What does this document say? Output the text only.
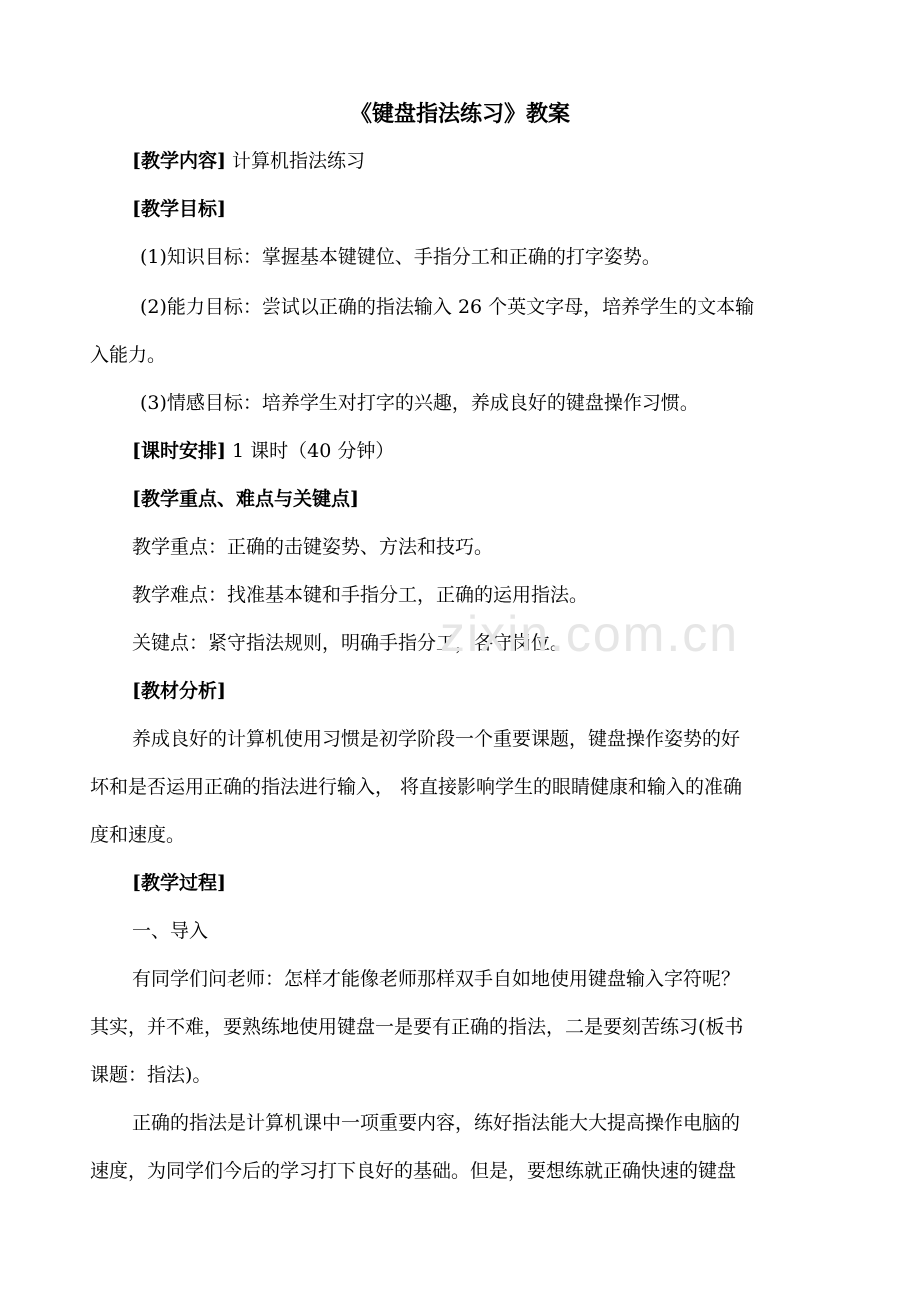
《键盘指法练习》教案
[教学内容] 计算机指法练习
[教学目标]
(1)知识目标：掌握基本键键位、手指分工和正确的打字姿势。
(2)能力目标：尝试以正确的指法输入 26 个英文字母，培养学生的文本输
入能力。
(3)情感目标：培养学生对打字的兴趣，养成良好的键盘操作习惯。
[课时安排] 1 课时（40 分钟）
[教学重点、难点与关键点]
教学重点：正确的击键姿势、方法和技巧。
教学难点：找准基本键和手指分工，正确的运用指法。
关键点：紧守指法规则，明确手指分工，各守岗位。
[教材分析]
养成良好的计算机使用习惯是初学阶段一个重要课题，键盘操作姿势的好
坏和是否运用正确的指法进行输入， 将直接影响学生的眼睛健康和输入的准确
度和速度。
[教学过程]
一、导入
有同学们问老师：怎样才能像老师那样双手自如地使用键盘输入字符呢？
其实，并不难，要熟练地使用键盘一是要有正确的指法，二是要刻苦练习(板书
课题：指法)。
正确的指法是计算机课中一项重要内容，练好指法能大大提高操作电脑的
速度，为同学们今后的学习打下良好的基础。但是，要想练就正确快速的键盘
zixin.com.cn
